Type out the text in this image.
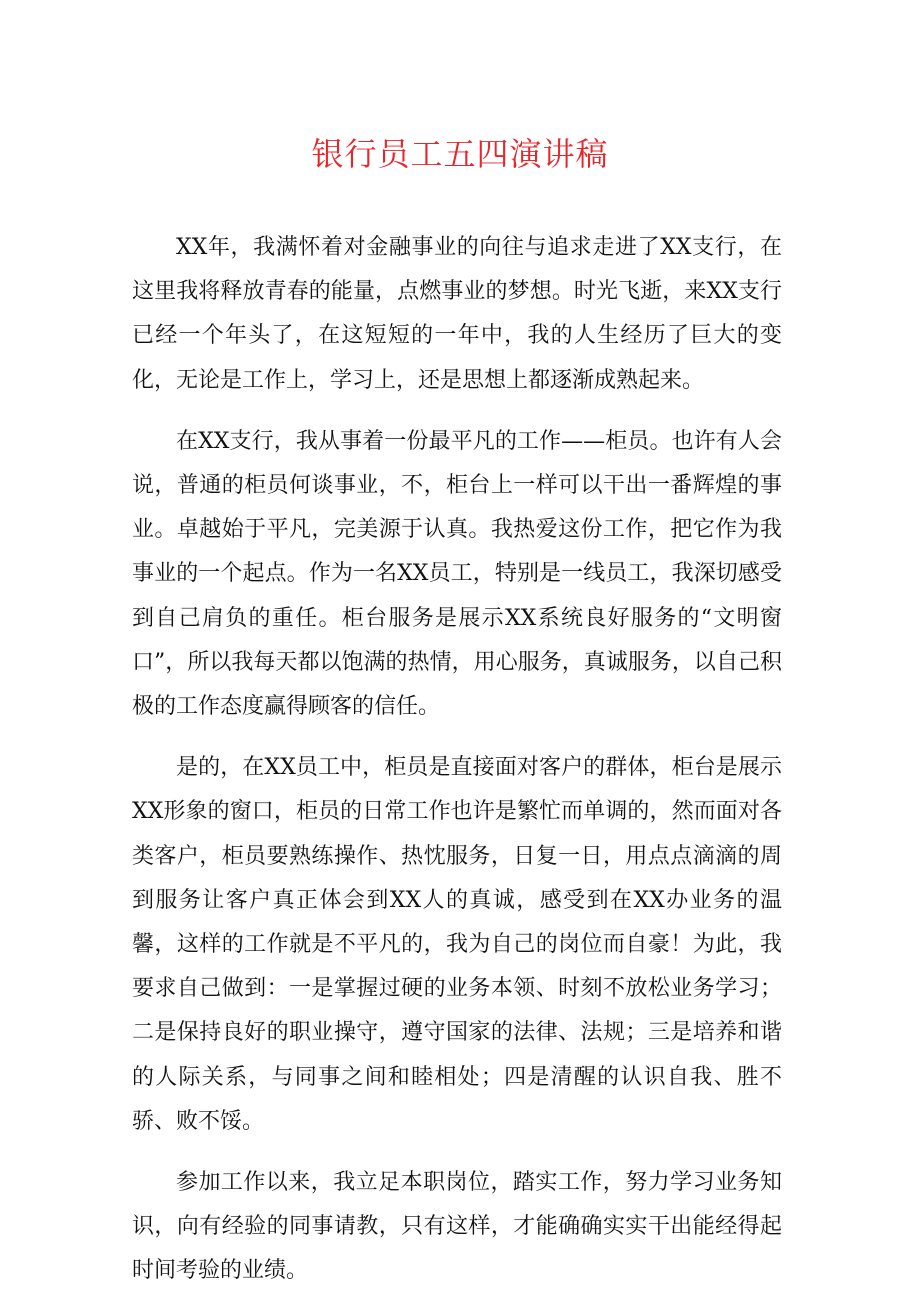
银行员工五四演讲稿

XX年，我满怀着对金融事业的向往与追求走进了XX支行，在这里我将释放青春的能量，点燃事业的梦想。时光飞逝，来XX支行已经一个年头了，在这短短的一年中，我的人生经历了巨大的变化，无论是工作上，学习上，还是思想上都逐渐成熟起来。

在XX支行，我从事着一份最平凡的工作——柜员。也许有人会说，普通的柜员何谈事业，不，柜台上一样可以干出一番辉煌的事业。卓越始于平凡，完美源于认真。我热爱这份工作，把它作为我事业的一个起点。作为一名XX员工，特别是一线员工，我深切感受到自己肩负的重任。柜台服务是展示XX系统良好服务的“文明窗口”，所以我每天都以饱满的热情，用心服务，真诚服务，以自己积极的工作态度赢得顾客的信任。

是的，在XX员工中，柜员是直接面对客户的群体，柜台是展示XX形象的窗口，柜员的日常工作也许是繁忙而单调的，然而面对各类客户，柜员要熟练操作、热忱服务，日复一日，用点点滴滴的周到服务让客户真正体会到XX人的真诚，感受到在XX办业务的温馨，这样的工作就是不平凡的，我为自己的岗位而自豪！为此，我要求自己做到：一是掌握过硬的业务本领、时刻不放松业务学习；二是保持良好的职业操守，遵守国家的法律、法规；三是培养和谐的人际关系，与同事之间和睦相处；四是清醒的认识自我、胜不骄、败不馁。

参加工作以来，我立足本职岗位，踏实工作，努力学习业务知识，向有经验的同事请教，只有这样，才能确确实实干出能经得起时间考验的业绩。
